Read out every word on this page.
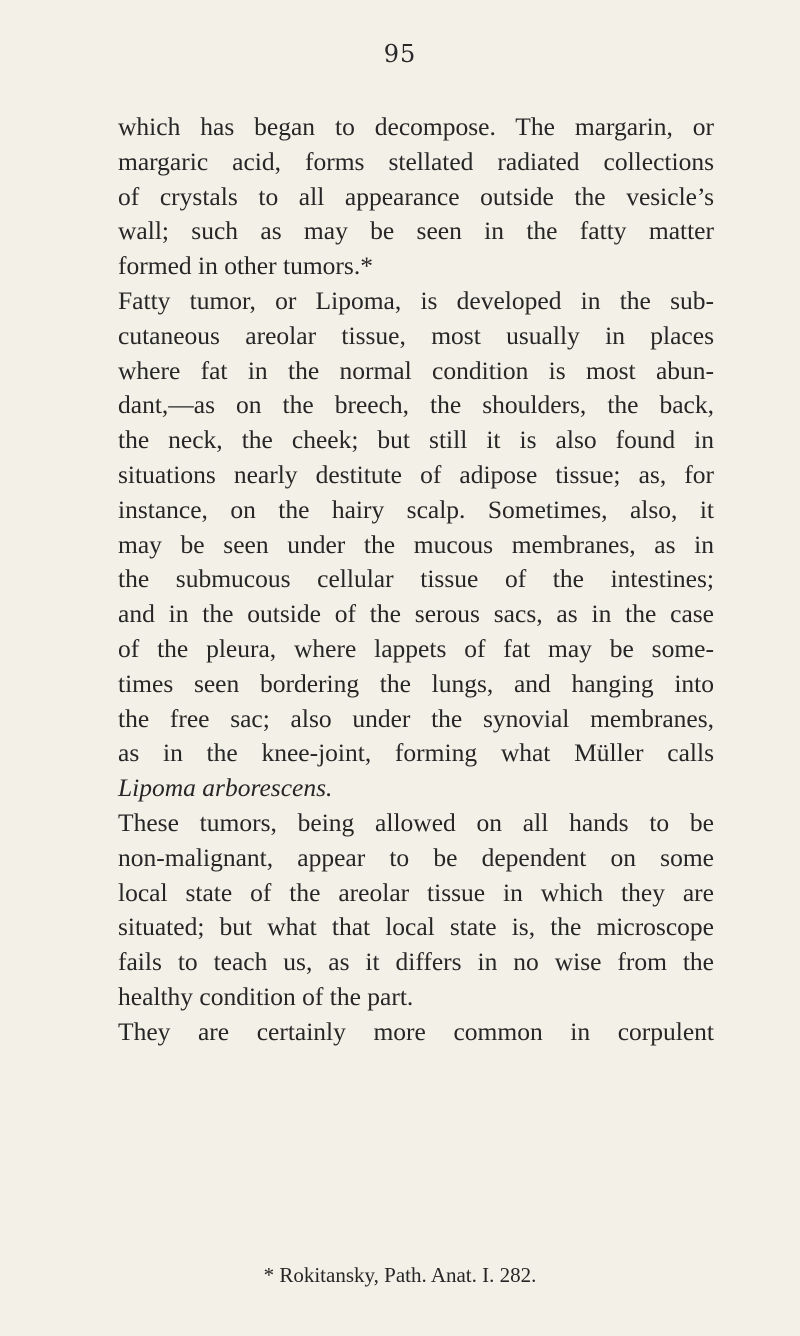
95

which has began to decompose. The margarin, or

margaric acid, forms stellated radiated collections

of crystals to all appearance outside the vesicle’s

wall; such as may be seen in the fatty matter

formed in other tumors.*

Fatty tumor, or Lipoma, is developed in the sub-

cutaneous areolar tissue, most usually in places

where fat in the normal condition is most abun-

dant,—as on the breech, the shoulders, the back,

the neck, the cheek; but still it is also found in

situations nearly destitute of adipose tissue; as, for

instance, on the hairy scalp. Sometimes, also, it

may be seen under the mucous membranes, as in

the submucous cellular tissue of the intestines;

and in the outside of the serous sacs, as in the case

of the pleura, where lappets of fat may be some-

times seen bordering the lungs, and hanging into

the free sac; also under the synovial membranes,

as in the knee-joint, forming what Müller calls

Lipoma arborescens.

These tumors, being allowed on all hands to be

non-malignant, appear to be dependent on some

local state of the areolar tissue in which they are

situated; but what that local state is, the microscope

fails to teach us, as it differs in no wise from the

healthy condition of the part.

They are certainly more common in corpulent

* Rokitansky, Path. Anat. I. 282.
